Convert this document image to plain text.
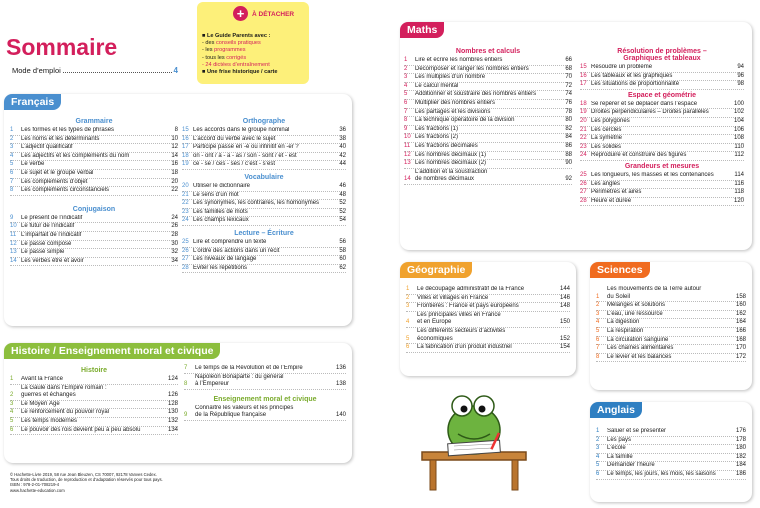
Sommaire
Mode d’emploi	4
+	À DÉTACHER
■ Le Guide Parents avec :
- des conseils pratiques
- les programmes
- tous les corrigés
- 24 dictées d’entraînement
■ Une frise historique / carte
Français
Grammaire
1	Les formes et les types de phrases	8
2	Les noms et les déterminants	10
3	L’adjectif qualificatif	12
4	Les adjectifs et les compléments du nom	14
5	Le verbe	16
6	Le sujet et le groupe verbal	18
7	Les compléments d’objet	20
8	Les compléments circonstanciels	22
Conjugaison
9	Le présent de l’indicatif	24
10 Le futur de l’indicatif	26
11 L’imparfait de l’indicatif	28
12 Le passé composé	30
13 Le passé simple	32
14 Les verbes être et avoir	34
Orthographe
15 Les accords dans le groupe nominal	36
16 L’accord du verbe avec le sujet	38
17 Participe passé en -é ou infinitif en -er ?	40
18 on - ont / à - a - as / son - sont / et - est	42
19 ce - se / ces - ses / c’est - s’est	44
Vocabulaire
20 Utiliser le dictionnaire	46
21 Le sens d’un mot	48
22 Les synonymes, les contraires, les homonymes	52
23 Les familles de mots	52
24 Les champs lexicaux	54
Lecture – Écriture
25 Lire et comprendre un texte	56
26 L’ordre des actions dans un récit	58
27 Les niveaux de langage	60
28 Éviter les répétitions	62
Histoire / Enseignement moral et civique
Histoire
1	Avant la France	124
2
La Gaule dans l’Empire romain :
guerres et échanges	126
3	Le Moyen Âge	128
4	Le renforcement du pouvoir royal	130
5	Les temps modernes	132
6	Le pouvoir des rois devient peu à peu absolu	134
7	Le temps de la Révolution et de l’Empire	136
8
Napoléon Bonaparte : du général
à l’Empereur	138
Enseignement moral et civique
9
Connaître les valeurs et les principes
de la République française	140
Maths
Nombres et calculs
1	Lire et écrire les nombres entiers	66
2	Décomposer et ranger les nombres entiers	68
3	Les multiples d’un nombre	70
4	Le calcul mental	72
5	Additionner et soustraire des nombres entiers	74
6	Multiplier des nombres entiers	76
7	Les partages et les divisions	78
8	La technique opératoire de la division	80
9	Les fractions (1)	82
10 Les fractions (2)	84
11 Les fractions décimales	86
12 Les nombres décimaux (1)	88
13 Les nombres décimaux (2)	90
14
L’addition et la soustraction
de nombres décimaux	92
Résolution de problèmes –
Graphiques et tableaux
15 Résoudre un problème	94
16 Les tableaux et les graphiques	96
17 Les situations de proportionnalité	98
Espace et géométrie
18 Se repérer et se déplacer dans l’espace	100
19 Droites perpendiculaires – Droites parallèles	102
20 Les polygones	104
21 Les cercles	106
22 La symétrie	108
23 Les solides	110
24 Reproduire et construire des figures	112
Grandeurs et mesures
25 Les longueurs, les masses et les contenances	114
26 Les angles	116
27 Périmètres et aires	118
28 Heure et durée	120
Géographie
1	Le découpage administratif de la France	144
2	Villes et villages en France	146
3	Frontières : France et pays européens	148
4
Les principales villes en France
et en Europe	150
5
Les différents secteurs d’activités
économiques	152
6	La fabrication d’un produit industriel	154
Sciences
1
Les mouvements de la Terre autour
du Soleil	158
2	Mélanges et solutions	160
3	L’eau, une ressource	162
4	La digestion	164
5	La respiration	166
6	La circulation sanguine	168
7	Les chaînes alimentaires	170
8	Le levier et les balances	172
Anglais
1	Saluer et se présenter	176
2	Les pays	178
3	L’école	180
4	La famille	182
5	Demander l’heure	184
6	Le temps, les jours, les mois, les saisons	186
© Hachette-Livre 2019, 58 rue Jean Bleuzen, CS 70007, 92178 Vanves Cedex.
Tous droits de traduction, de reproduction et d’adaptation réservés pour tous pays.
ISBN : 978-2-01-708219-4
www.hachette-education.com
